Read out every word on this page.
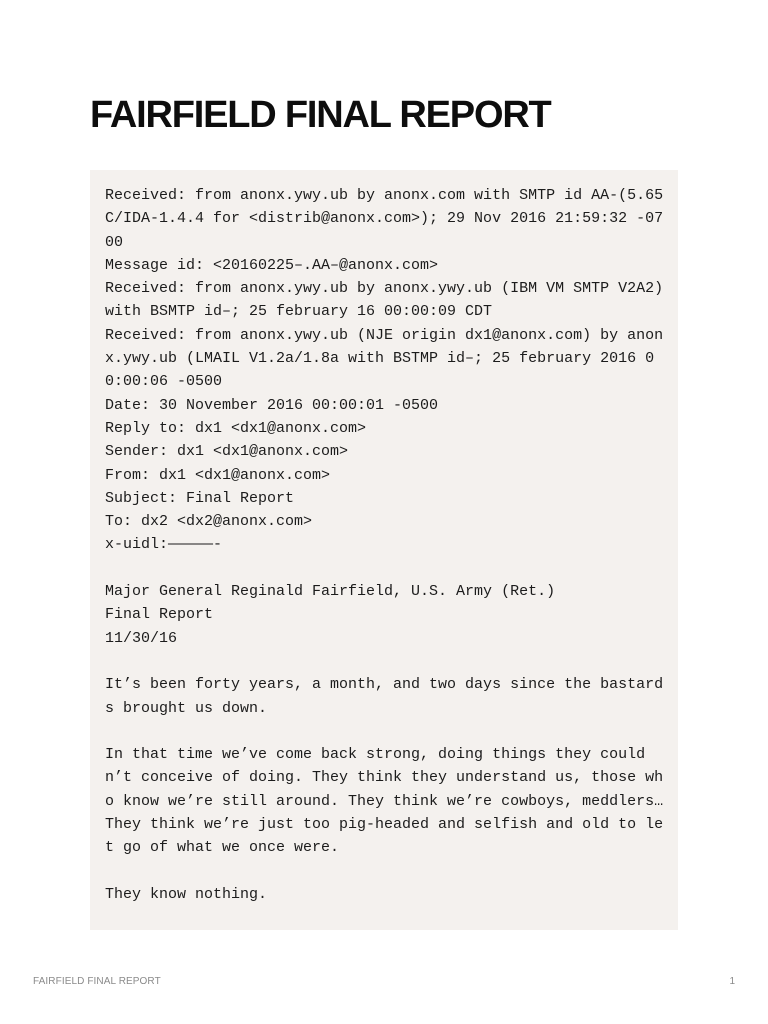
FAIRFIELD FINAL REPORT
Received: from anonx.ywy.ub by anonx.com with SMTP id AA-(5.65C/IDA-1.4.4 for <distrib@anonx.com>); 29 Nov 2016 21:59:32 -0700
Message id: <20160225–.AA–@anonx.com>
Received: from anonx.ywy.ub by anonx.ywy.ub (IBM VM SMTP V2A2)
with BSMTP id–; 25 february 16 00:00:09 CDT
Received: from anonx.ywy.ub (NJE origin dx1@anonx.com) by anonx.ywy.ub (LMAIL V1.2a/1.8a with BSTMP id–; 25 february 2016 00:00:06 -0500
Date: 30 November 2016 00:00:01 -0500
Reply to: dx1 <dx1@anonx.com>
Sender: dx1 <dx1@anonx.com>
From: dx1 <dx1@anonx.com>
Subject: Final Report
To: dx2 <dx2@anonx.com>
x-uidl:—————-

Major General Reginald Fairfield, U.S. Army (Ret.)
Final Report
11/30/16

It’s been forty years, a month, and two days since the bastards brought us down.

In that time we’ve come back strong, doing things they couldn’t conceive of doing. They think they understand us, those who know we’re still around. They think we’re cowboys, meddlers… They think we’re just too pig-headed and selfish and old to let go of what we once were.

They know nothing.
FAIRFIELD FINAL REPORT	1
